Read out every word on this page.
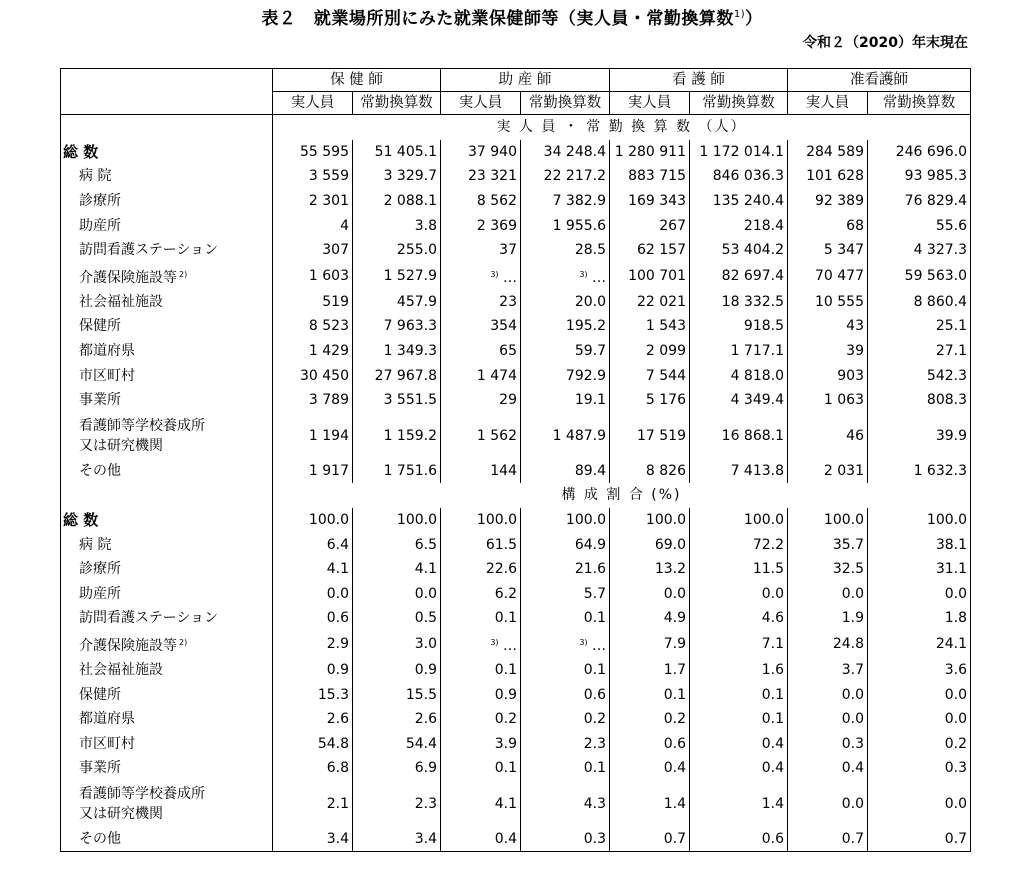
表２　就業場所別にみた就業保健師等（実人員・常勤換算数$^{1)}$）
令和２（2020）年末現在
	保 健 師		助 産 師		看 護 師		准看護師	
	実人員	常勤換算数	実人員	常勤換算数	実人員	常勤換算数	実人員	常勤換算数
	実 人 員 ・ 常 勤 換 算 数 （人）							
総 数	55 595	51 405.1	37 940	34 248.4	1 280 911	1 172 014.1	284 589	246 696.0
病 院	3 559	3 329.7	23 321	22 217.2	883 715	846 036.3	101 628	93 985.3
診療所	2 301	2 088.1	8 562	7 382.9	169 343	135 240.4	92 389	76 829.4
助産所	4	3.8	2 369	1 955.6	267	218.4	68	55.6
訪問看護ステーション	307	255.0	37	28.5	62 157	53 404.2	5 347	4 327.3
介護保険施設等 $^{2)}$	1 603	1 527.9	$^{3)}$ …	$^{3)}$ …	100 701	82 697.4	70 477	59 563.0
社会福祉施設	519	457.9	23	20.0	22 021	18 332.5	10 555	8 860.4
保健所	8 523	7 963.3	354	195.2	1 543	918.5	43	25.1
都道府県	1 429	1 349.3	65	59.7	2 099	1 717.1	39	27.1
市区町村	30 450	27 967.8	1 474	792.9	7 544	4 818.0	903	542.3
事業所	3 789	3 551.5	29	19.1	5 176	4 349.4	1 063	808.3
看護師等学校養成所
又は研究機関	1 194	1 159.2	1 562	1 487.9	17 519	16 868.1	46	39.9
その他	1 917	1 751.6	144	89.4	8 826	7 413.8	2 031	1 632.3
	構 成 割 合 (%)							
総 数	100.0	100.0	100.0	100.0	100.0	100.0	100.0	100.0
病 院	6.4	6.5	61.5	64.9	69.0	72.2	35.7	38.1
診療所	4.1	4.1	22.6	21.6	13.2	11.5	32.5	31.1
助産所	0.0	0.0	6.2	5.7	0.0	0.0	0.0	0.0
訪問看護ステーション	0.6	0.5	0.1	0.1	4.9	4.6	1.9	1.8
介護保険施設等 $^{2)}$	2.9	3.0	$^{3)}$ …	$^{3)}$ …	7.9	7.1	24.8	24.1
社会福祉施設	0.9	0.9	0.1	0.1	1.7	1.6	3.7	3.6
保健所	15.3	15.5	0.9	0.6	0.1	0.1	0.0	0.0
都道府県	2.6	2.6	0.2	0.2	0.2	0.1	0.0	0.0
市区町村	54.8	54.4	3.9	2.3	0.6	0.4	0.3	0.2
事業所	6.8	6.9	0.1	0.1	0.4	0.4	0.4	0.3
看護師等学校養成所
又は研究機関	2.1	2.3	4.1	4.3	1.4	1.4	0.0	0.0
その他	3.4	3.4	0.4	0.3	0.7	0.6	0.7	0.7
